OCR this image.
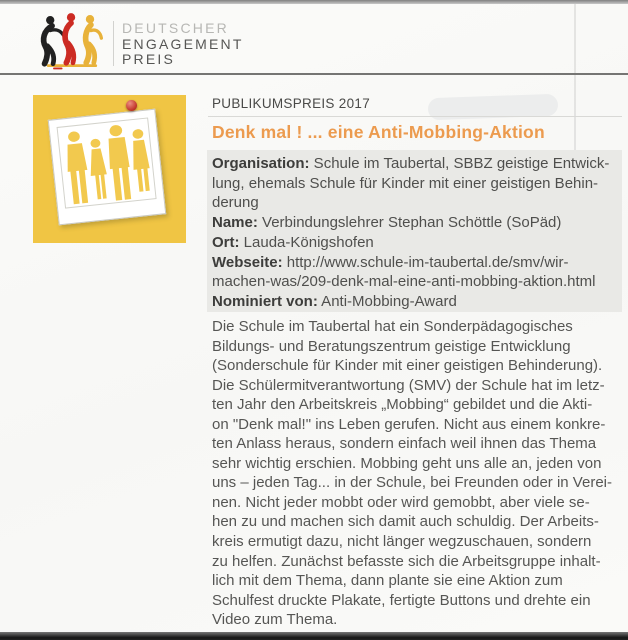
DEUTSCHER
ENGAGEMENT
PREIS
PUBLIKUMSPREIS 2017
Denk mal ! ... eine Anti-Mobbing-Aktion
Organisation: Schule im Taubertal, SBBZ geistige Entwick-
lung, ehemals Schule für Kinder mit einer geistigen Behin-
derung
Name: Verbindungslehrer Stephan Schöttle (SoPäd)
Ort: Lauda-Königshofen
Webseite: http://www.schule-im-taubertal.de/smv/wir-
machen-was/209-denk-mal-eine-anti-mobbing-aktion.html
Nominiert von: Anti-Mobbing-Award
Die Schule im Taubertal hat ein Sonderpädagogisches
Bildungs- und Beratungszentrum geistige Entwicklung
(Sonderschule für Kinder mit einer geistigen Behinderung).
Die Schülermitverantwortung (SMV) der Schule hat im letz-
ten Jahr den Arbeitskreis „Mobbing“ gebildet und die Akti-
on "Denk mal!" ins Leben gerufen. Nicht aus einem konkre-
ten Anlass heraus, sondern einfach weil ihnen das Thema
sehr wichtig erschien. Mobbing geht uns alle an, jeden von
uns – jeden Tag... in der Schule, bei Freunden oder in Verei-
nen. Nicht jeder mobbt oder wird gemobbt, aber viele se-
hen zu und machen sich damit auch schuldig. Der Arbeits-
kreis ermutigt dazu, nicht länger wegzuschauen, sondern
zu helfen. Zunächst befasste sich die Arbeitsgruppe inhalt-
lich mit dem Thema, dann plante sie eine Aktion zum
Schulfest druckte Plakate, fertigte Buttons und drehte ein
Video zum Thema.
